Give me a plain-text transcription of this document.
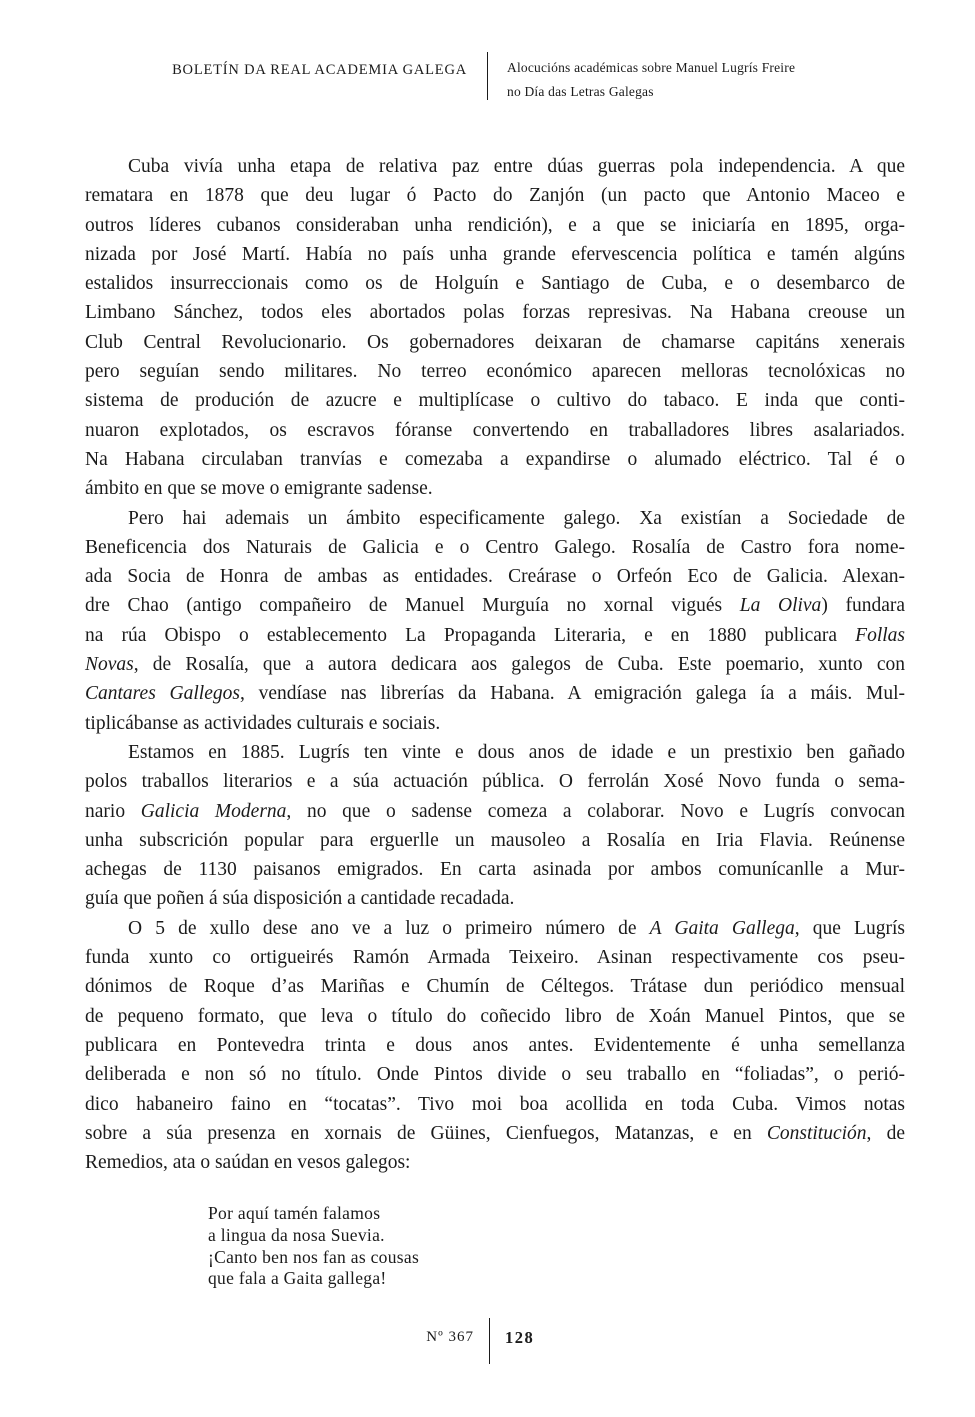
BOLETÍN DA REAL ACADEMIA GALEGA	Alocucións académicas sobre Manuel Lugrís Freire
no Día das Letras Galegas
Cuba vivía unha etapa de relativa paz entre dúas guerras pola independencia. A que
rematara en 1878 que deu lugar ó Pacto do Zanjón (un pacto que Antonio Maceo e
outros líderes cubanos consideraban unha rendición), e a que se iniciaría en 1895, orga-
nizada por José Martí. Había no país unha grande efervescencia política e tamén algúns
estalidos insurreccionais como os de Holguín e Santiago de Cuba, e o desembarco de
Limbano Sánchez, todos eles abortados polas forzas represivas. Na Habana creouse un
Club Central Revolucionario. Os gobernadores deixaran de chamarse capitáns xenerais
pero seguían sendo militares. No terreo económico aparecen melloras tecnolóxicas no
sistema de produción de azucre e multiplícase o cultivo do tabaco. E inda que conti-
nuaron explotados, os escravos fóranse convertendo en traballadores libres asalariados.
Na Habana circulaban tranvías e comezaba a expandirse o alumado eléctrico. Tal é o
ámbito en que se move o emigrante sadense.
Pero hai ademais un ámbito especificamente galego. Xa existían a Sociedade de
Beneficencia dos Naturais de Galicia e o Centro Galego. Rosalía de Castro fora nome-
ada Socia de Honra de ambas as entidades. Creárase o Orfeón Eco de Galicia. Alexan-
dre Chao (antigo compañeiro de Manuel Murguía no xornal vigués La Oliva) fundara
na rúa Obispo o establecemento La Propaganda Literaria, e en 1880 publicara Follas
Novas, de Rosalía, que a autora dedicara aos galegos de Cuba. Este poemario, xunto con
Cantares Gallegos, vendíase nas librerías da Habana. A emigración galega ía a máis. Mul-
tiplicábanse as actividades culturais e sociais.
Estamos en 1885. Lugrís ten vinte e dous anos de idade e un prestixio ben gañado
polos traballos literarios e a súa actuación pública. O ferrolán Xosé Novo funda o sema-
nario Galicia Moderna, no que o sadense comeza a colaborar. Novo e Lugrís convocan
unha subscrición popular para erguerlle un mausoleo a Rosalía en Iria Flavia. Reúnense
achegas de 1130 paisanos emigrados. En carta asinada por ambos comunícanlle a Mur-
guía que poñen á súa disposición a cantidade recadada.
O 5 de xullo dese ano ve a luz o primeiro número de A Gaita Gallega, que Lugrís
funda xunto co ortigueirés Ramón Armada Teixeiro. Asinan respectivamente cos pseu-
dónimos de Roque d’as Mariñas e Chumín de Céltegos. Trátase dun periódico mensual
de pequeno formato, que leva o título do coñecido libro de Xoán Manuel Pintos, que se
publicara en Pontevedra trinta e dous anos antes. Evidentemente é unha semellanza
deliberada e non só no título. Onde Pintos divide o seu traballo en “foliadas”, o perió-
dico habaneiro faino en “tocatas”. Tivo moi boa acollida en toda Cuba. Vimos notas
sobre a súa presenza en xornais de Güines, Cienfuegos, Matanzas, e en Constitución, de
Remedios, ata o saúdan en vesos galegos:
Por aquí tamén falamos
a lingua da nosa Suevia.
¡Canto ben nos fan as cousas
que fala a Gaita gallega!
Nº 367 128
